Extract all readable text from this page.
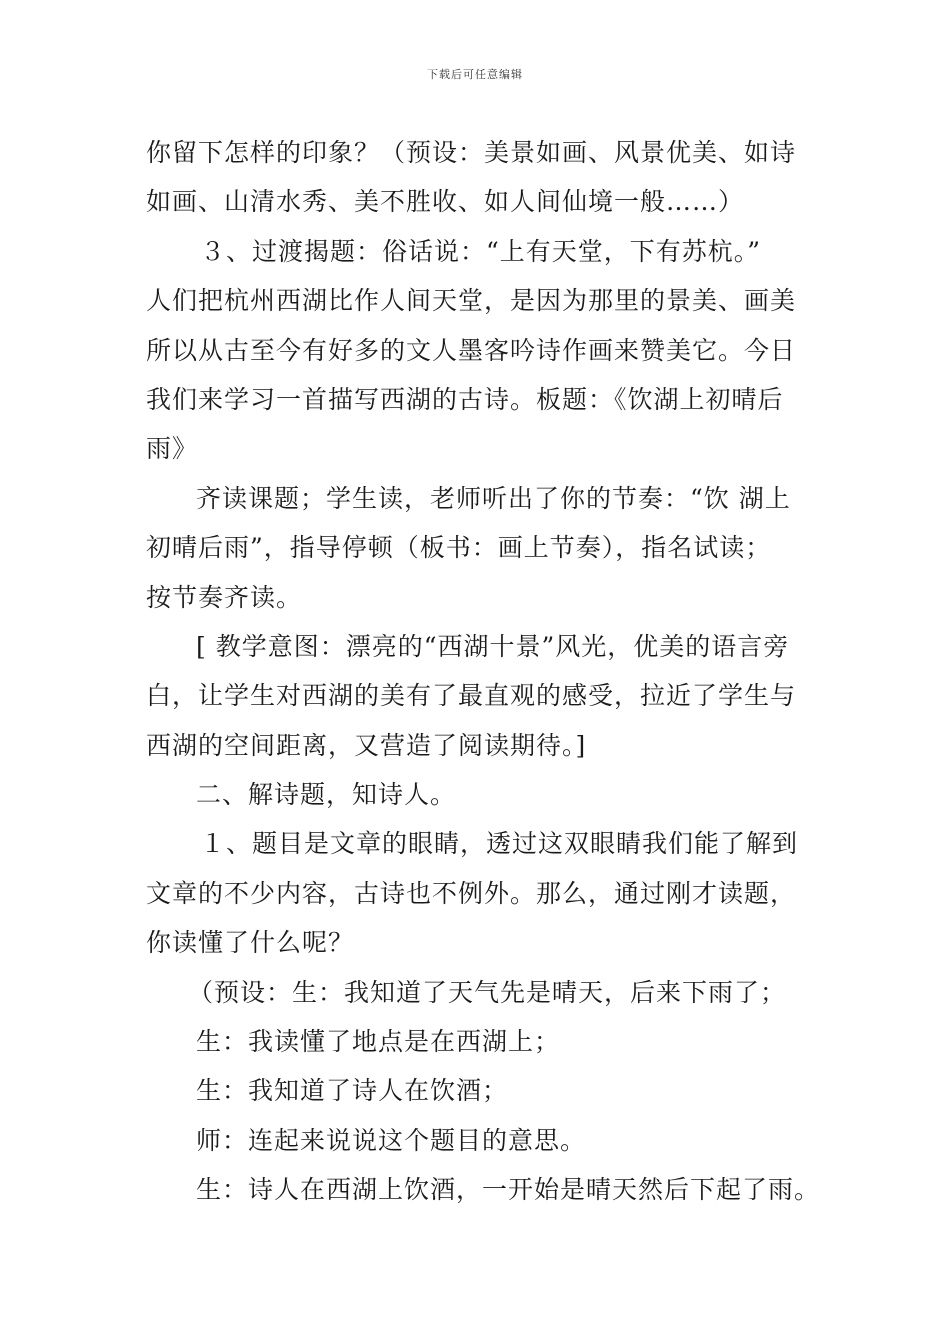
下载后可任意编辑
你留下怎样的印象？（预设：美景如画、风景优美、如诗
如画、山清水秀、美不胜收、如人间仙境一般……）
３、过渡揭题：俗话说：“上有天堂，下有苏杭。”
人们把杭州西湖比作人间天堂，是因为那里的景美、画美
所以从古至今有好多的文人墨客吟诗作画来赞美它。今日
我们来学习一首描写西湖的古诗。板题：《饮湖上初晴后
雨》
齐读课题；学生读，老师听出了你的节奏：“饮 湖上
初晴后雨”，指导停顿（板书：画上节奏），指名试读；
按节奏齐读。
[ 教学意图：漂亮的“西湖十景”风光，优美的语言旁
白，让学生对西湖的美有了最直观的感受，拉近了学生与
西湖的空间距离，又营造了阅读期待。]
二、解诗题，知诗人。
１、题目是文章的眼睛，透过这双眼睛我们能了解到
文章的不少内容，古诗也不例外。那么，通过刚才读题，
你读懂了什么呢？
（预设：生：我知道了天气先是晴天，后来下雨了；
生：我读懂了地点是在西湖上；
生：我知道了诗人在饮酒；
师：连起来说说这个题目的意思。
生：诗人在西湖上饮酒，一开始是晴天然后下起了雨。
